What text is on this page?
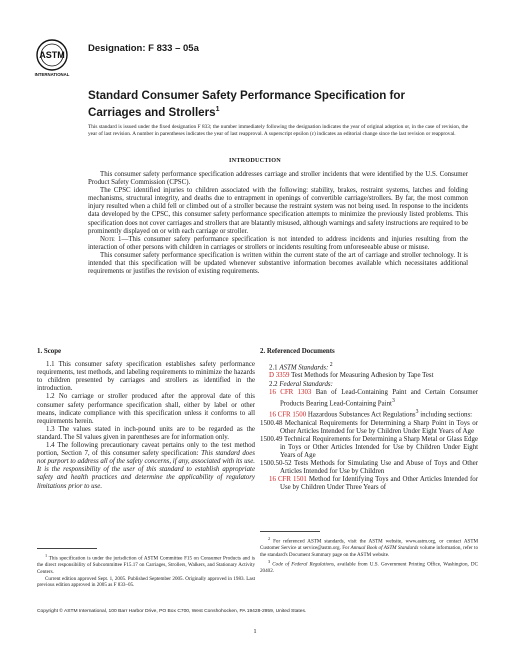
ASTM
INTERNATIONAL
Designation: F 833 – 05a
Standard Consumer Safety Performance Specification for
Carriages and Strollers$^1$
This standard is issued under the fixed designation F 833; the number immediately following the designation indicates the year of original adoption or, in the case of revision, the year of last revision. A number in parentheses indicates the year of last reapproval. A superscript epsilon (ε) indicates an editorial change since the last revision or reapproval.
INTRODUCTION

This consumer safety performance specification addresses carriage and stroller incidents that were identified by the U.S. Consumer Product Safety Commission (CPSC).

The CPSC identified injuries to children associated with the following: stability, brakes, restraint systems, latches and folding mechanisms, structural integrity, and deaths due to entrapment in openings of convertible carriage/strollers. By far, the most common injury resulted when a child fell or climbed out of a stroller because the restraint system was not being used. In response to the incidents data developed by the CPSC, this consumer safety performance specification attempts to minimize the previously listed problems. This specification does not cover carriages and strollers that are blatantly misused, although warnings and safety instructions are required to be prominently displayed on or with each carriage or stroller.

Note 1—This consumer safety performance specification is not intended to address incidents and injuries resulting from the interaction of other persons with children in carriages or strollers or incidents resulting from unforeseeable abuse or misuse.

This consumer safety performance specification is written within the current state of the art of carriage and stroller technology. It is intended that this specification will be updated whenever substantive information becomes available which necessitates additional requirements or justifies the revision of existing requirements.

1. Scope

1.1 This consumer safety specification establishes safety performance requirements, test methods, and labeling requirements to minimize the hazards to children presented by carriages and strollers as identified in the introduction.

1.2 No carriage or stroller produced after the approval date of this consumer safety performance specification shall, either by label or other means, indicate compliance with this specification unless it conforms to all requirements herein.

1.3 The values stated in inch-pound units are to be regarded as the standard. The SI values given in parentheses are for information only.

1.4 The following precautionary caveat pertains only to the test method portion, Section 7, of this consumer safety specification: This standard does not purport to address all of the safety concerns, if any, associated with its use. It is the responsibility of the user of this standard to establish appropriate safety and health practices and determine the applicability of regulatory limitations prior to use.

2. Referenced Documents
2.1 ASTM Standards: $^2$
D 3359 Test Methods for Measuring Adhesion by Tape Test
2.2 Federal Standards:
16 CFR 1303 Ban of Lead-Containing Paint and Certain Consumer Products Bearing Lead-Containing Paint$^3$
16 CFR 1500 Hazardous Substances Act Regulations$^3$ including sections:
1500.48 Mechanical Requirements for Determining a Sharp Point in Toys or Other Articles Intended for Use by Children Under Eight Years of Age
1500.49 Technical Requirements for Determining a Sharp Metal or Glass Edge in Toys or Other Articles Intended for Use by Children Under Eight Years of Age
1500.50-52 Tests Methods for Simulating Use and Abuse of Toys and Other Articles Intended for Use by Children
16 CFR 1501 Method for Identifying Toys and Other Articles Intended for Use by Children Under Three Years of

$^1$ This specification is under the jurisdiction of ASTM Committee F15 on Consumer Products and is the direct responsibility of Subcommittee F15.17 on Carriages, Strollers, Walkers, and Stationary Activity Centers.

Current edition approved Sept. 1, 2005. Published September 2005. Originally approved in 1983. Last previous edition approved in 2005 as F 833–05.

$^2$ For referenced ASTM standards, visit the ASTM website, www.astm.org, or contact ASTM Customer Service at service@astm.org. For Annual Book of ASTM Standards volume information, refer to the standard's Document Summary page on the ASTM website.

$^3$ Code of Federal Regulations, available from U.S. Government Printing Office, Washington, DC 20402.

Copyright © ASTM International, 100 Barr Harbor Drive, PO Box C700, West Conshohocken, PA 19428-2959, United States.
1
